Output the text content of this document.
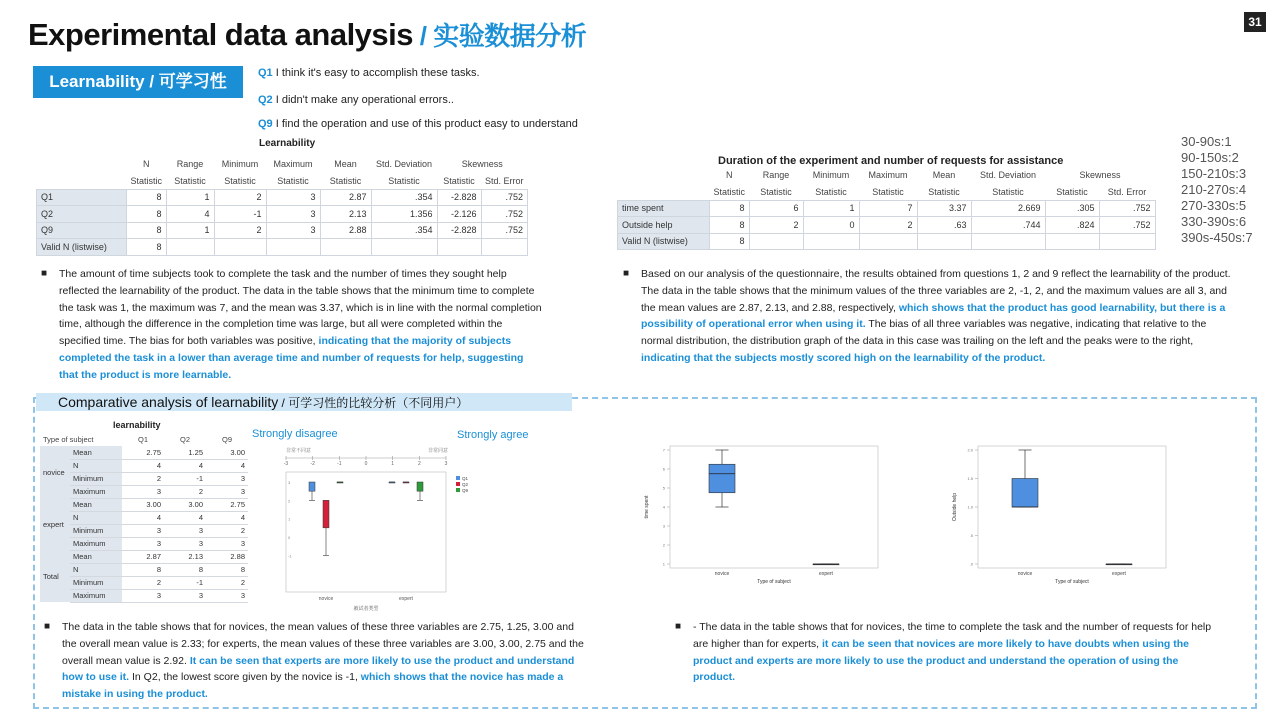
Experimental data analysis / 实验数据分析	31
Learnability / 可学习性	Q1 I think it's easy to accomplish these tasks.
Q2 I didn't make any operational errors..
Q9 I find the operation and use of this product easy to understand
Learnability
	N	Range	Minimum	Maximum	Mean	Std. Deviation	Skewness	
	Statistic	Statistic	Statistic	Statistic	Statistic	Statistic	Statistic	Std. Error
Q1	8	1	2	3	2.87	.354	-2.828	.752
Q2	8	4	-1	3	2.13	1.356	-2.126	.752
Q9	8	1	2	3	2.88	.354	-2.828	.752
Valid N (listwise)	8							
Duration of the experiment and number of requests for assistance
	N	Range	Minimum	Maximum	Mean	Std. Deviation	Skewness	
	Statistic	Statistic	Statistic	Statistic	Statistic	Statistic	Statistic	Std. Error
time spent	8	6	1	7	3.37	2.669	.305	.752
Outside help	8	2	0	2	.63	.744	.824	.752
Valid N (listwise)	8							
30-90s:1
90-150s:2
150-210s:3
210-270s:4
270-330s:5
330-390s:6
390s-450s:7
■ The amount of time subjects took to complete the task and the number of times they sought help reflected the learnability of the product. The data in the table shows that the minimum time to complete the task was 1, the maximum was 7, and the mean was 3.37, which is in line with the normal completion time, although the difference in the completion time was large, but all were completed within the specified time. The bias for both variables was positive, indicating that the majority of subjects completed the task in a lower than average time and number of requests for help, suggesting that the product is more learnable.
■ Based on our analysis of the questionnaire, the results obtained from questions 1, 2 and 9 reflect the learnability of the product. The data in the table shows that the minimum values of the three variables are 2, -1, 2, and the maximum values are all 3, and the mean values are 2.87, 2.13, and 2.88, respectively, which shows that the product has good learnability, but there is a possibility of operational error when using it. The bias of all three variables was negative, indicating that relative to the normal distribution, the distribution graph of the data in this case was trailing on the left and the peaks were to the right, indicating that the subjects mostly scored high on the learnability of the product.
Comparative analysis of learnability / 可学习性的比较分析（不同用户）
learnability
Type of subject		Q1	Q2	Q9
novice	Mean	2.75	1.25	3.00
	N	4	4	4
	Minimum	2	-1	3
	Maximum	3	2	3
expert	Mean	3.00	3.00	2.75
	N	4	4	4
	Minimum	3	3	2
	Maximum	3	3	3
Total	Mean	2.87	2.13	2.88
	N	8	8	8
	Minimum	2	-1	2
	Maximum	3	3	3
Strongly disagree	Strongly agree
非常不同意	非常同意
-3	-2	-1	0	1	2	3
3
2
1
0
-1
novice	expert
被试者类型
Q1
Q2
Q9
1
2
3
4
5
6
7
time spent
novice	expert
Type of subject
.0
.5
1.0
1.5
2.0
Outside help
novice	expert
Type of subject
■ The data in the table shows that for novices, the mean values of these three variables are 2.75, 1.25, 3.00 and the overall mean value is 2.33; for experts, the mean values of these three variables are 3.00, 3.00, 2.75 and the overall mean value is 2.92. It can be seen that experts are more likely to use the product and understand how to use it. In Q2, the lowest score given by the novice is -1, which shows that the novice has made a mistake in using the product.
■ - The data in the table shows that for novices, the time to complete the task and the number of requests for help are higher than for experts, it can be seen that novices are more likely to have doubts when using the product and experts are more likely to use the product and understand the operation of using the product.
